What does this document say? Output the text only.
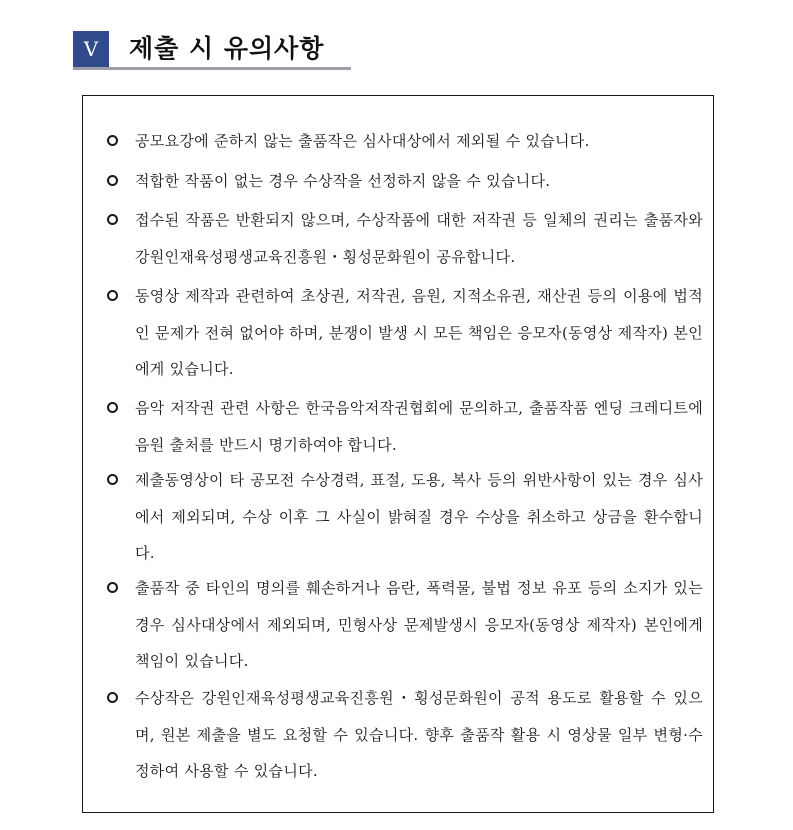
Ⅴ	제출 시 유의사항
공모요강에 준하지 않는 출품작은 심사대상에서 제외될 수 있습니다.
적합한 작품이 없는 경우 수상작을 선정하지 않을 수 있습니다.
접수된 작품은 반환되지 않으며, 수상작품에 대한 저작권 등 일체의 권리는 출품자와 강원인재육성평생교육진흥원・횡성문화원이 공유합니다.
동영상 제작과 관련하여 초상권, 저작권, 음원, 지적소유권, 재산권 등의 이용에 법적인 문제가 전혀 없어야 하며, 분쟁이 발생 시 모든 책임은 응모자(동영상 제작자) 본인에게 있습니다.
음악 저작권 관련 사항은 한국음악저작권협회에 문의하고, 출품작품 엔딩 크레디트에 음원 출처를 반드시 명기하여야 합니다.
제출동영상이 타 공모전 수상경력, 표절, 도용, 복사 등의 위반사항이 있는 경우 심사에서 제외되며, 수상 이후 그 사실이 밝혀질 경우 수상을 취소하고 상금을 환수합니다.
출품작 중 타인의 명의를 훼손하거나 음란, 폭력물, 불법 정보 유포 등의 소지가 있는 경우 심사대상에서 제외되며, 민형사상 문제발생시 응모자(동영상 제작자) 본인에게 책임이 있습니다.
수상작은 강원인재육성평생교육진흥원・횡성문화원이 공적 용도로 활용할 수 있으며, 원본 제출을 별도 요청할 수 있습니다. 향후 출품작 활용 시 영상물 일부 변형·수정하여 사용할 수 있습니다.
